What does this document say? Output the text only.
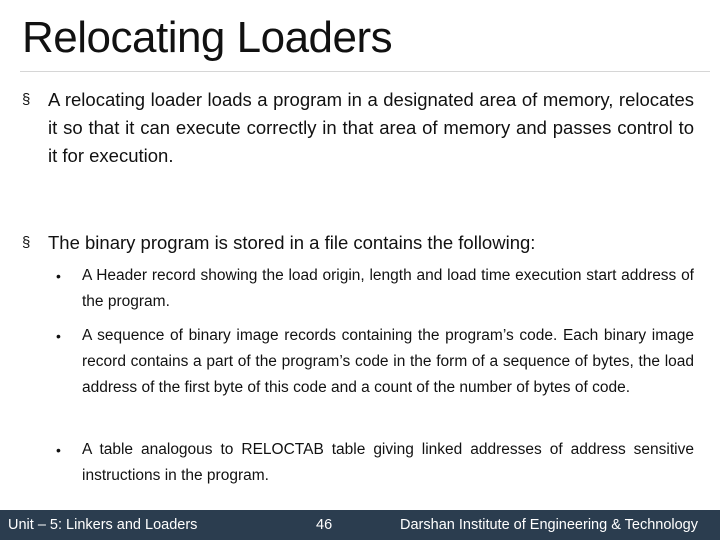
Relocating Loaders
§ A relocating loader loads a program in a designated area of memory, relocates it so that it can execute correctly in that area of memory and passes control to it for execution.
§ The binary program is stored in a file contains the following:
•	A Header record showing the load origin, length and load time execution start address of the program.
•	A sequence of binary image records containing the program’s code. Each binary image record contains a part of the program’s code in the form of a sequence of bytes, the load address of the first byte of this code and a count of the number of bytes of code.
•	A table analogous to RELOCTAB table giving linked addresses of address sensitive instructions in the program.
Unit – 5: Linkers and Loaders	46	Darshan Institute of Engineering & Technology
